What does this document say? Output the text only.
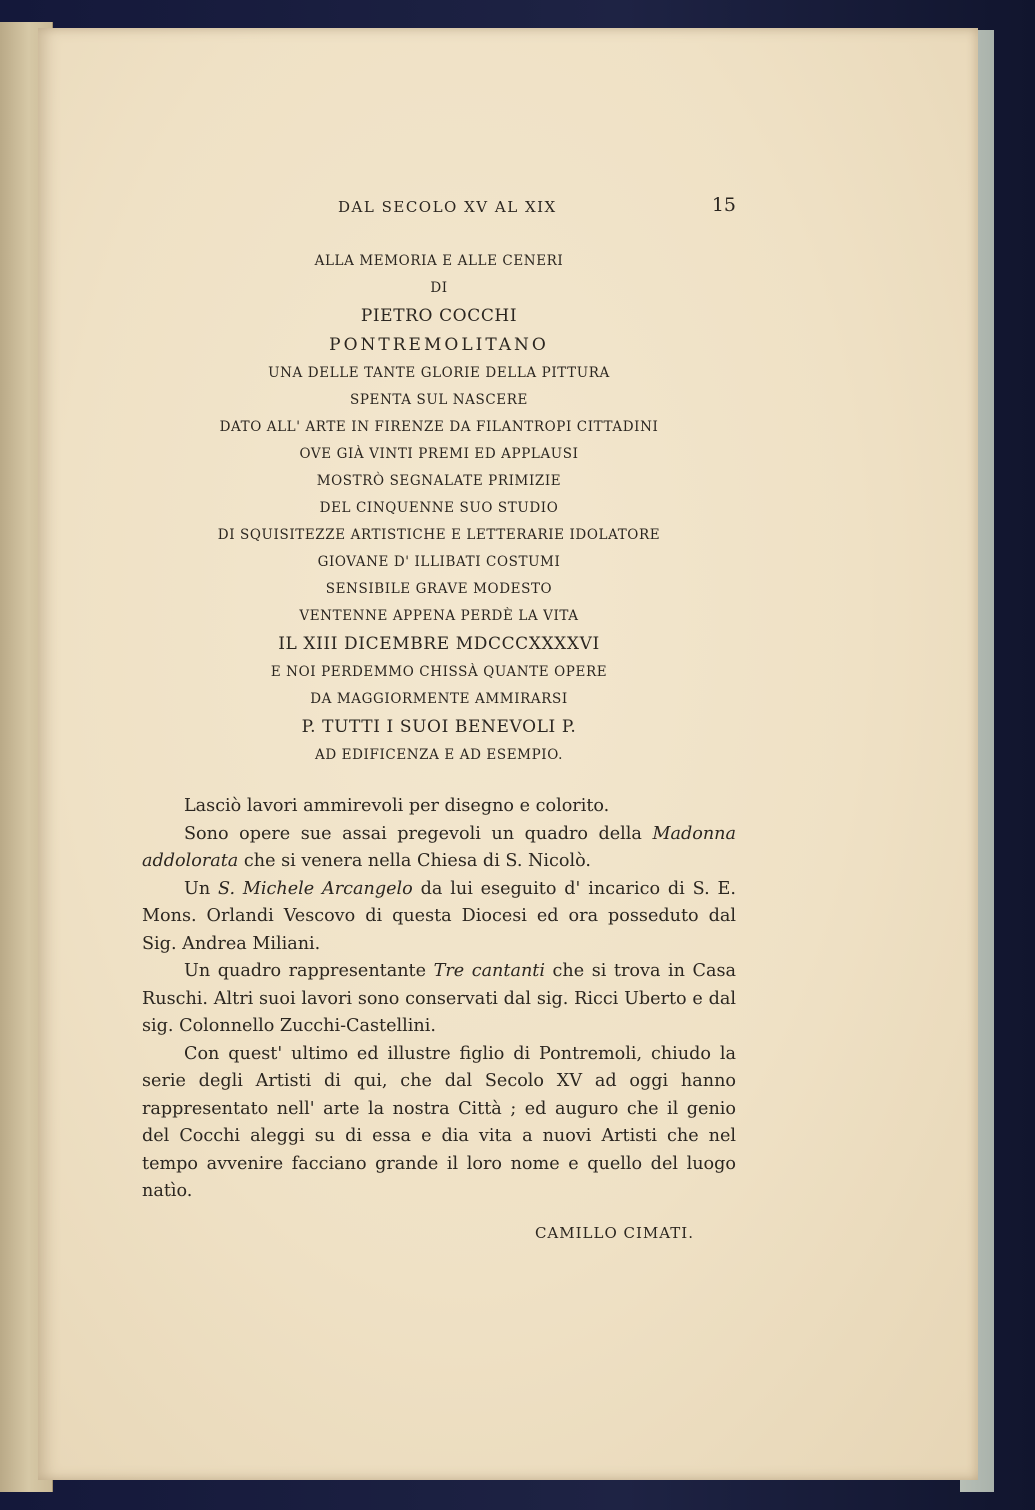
DAL SECOLO XV AL XIX	15
ALLA MEMORIA E ALLE CENERI
DI
PIETRO COCCHI
PONTREMOLITANO
UNA DELLE TANTE GLORIE DELLA PITTURA
SPENTA SUL NASCERE
DATO ALL' ARTE IN FIRENZE DA FILANTROPI CITTADINI
OVE GIÀ VINTI PREMI ED APPLAUSI
MOSTRÒ SEGNALATE PRIMIZIE
DEL CINQUENNE SUO STUDIO
DI SQUISITEZZE ARTISTICHE E LETTERARIE IDOLATORE
GIOVANE D' ILLIBATI COSTUMI
SENSIBILE GRAVE MODESTO
VENTENNE APPENA PERDÈ LA VITA
IL XIII DICEMBRE MDCCCXXXXVI
E NOI PERDEMMO CHISSÀ QUANTE OPERE
DA MAGGIORMENTE AMMIRARSI
P. TUTTI I SUOI BENEVOLI P.
AD EDIFICENZA E AD ESEMPIO.

Lasciò lavori ammirevoli per disegno e colorito.

Sono opere sue assai pregevoli un quadro della Madonna addolorata che si venera nella Chiesa di S. Nicolò.

Un S. Michele Arcangelo da lui eseguito d' incarico di S. E. Mons. Orlandi Vescovo di questa Diocesi ed ora posseduto dal Sig. Andrea Miliani.

Un quadro rappresentante Tre cantanti che si trova in Casa Ruschi. Altri suoi lavori sono conservati dal sig. Ricci Uberto e dal sig. Colonnello Zucchi-Castellini.

Con quest' ultimo ed illustre figlio di Pontremoli, chiudo la serie degli Artisti di qui, che dal Secolo XV ad oggi hanno rappresentato nell' arte la nostra Città ; ed auguro che il genio del Cocchi aleggi su di essa e dia vita a nuovi Artisti che nel tempo avvenire facciano grande il loro nome e quello del luogo natìo.

CAMILLO CIMATI.
